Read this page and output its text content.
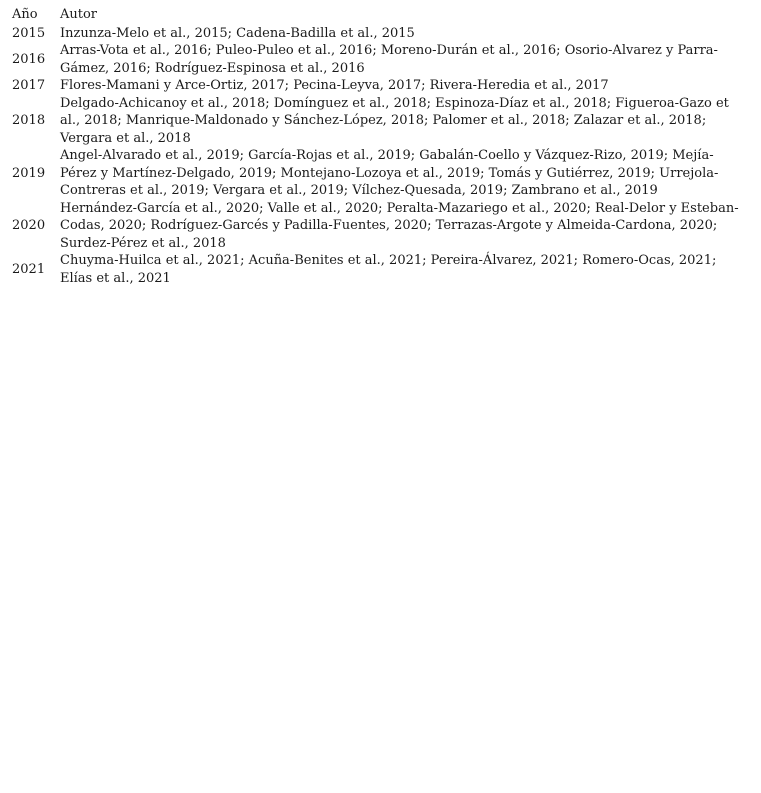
Año	Autor
2015	Inzunza-Melo et al., 2015; Cadena-Badilla et al., 2015
2016	Arras-Vota et al., 2016; Puleo-Puleo et al., 2016; Moreno-Durán et al., 2016; Osorio-Alvarez y Parra-Gámez, 2016; Rodríguez-Espinosa et al., 2016
2017	Flores-Mamani y Arce-Ortiz, 2017; Pecina-Leyva, 2017; Rivera-Heredia et al., 2017
2018	Delgado-Achicanoy et al., 2018; Domínguez et al., 2018; Espinoza-Díaz et al., 2018; Figueroa-Gazo et al., 2018; Manrique-Maldonado y Sánchez-López, 2018; Palomer et al., 2018; Zalazar et al., 2018; Vergara et al., 2018
2019	Angel-Alvarado et al., 2019; García-Rojas et al., 2019; Gabalán-Coello y Vázquez-Rizo, 2019; Mejía-Pérez y Martínez-Delgado, 2019; Montejano-Lozoya et al., 2019; Tomás y Gutiérrez, 2019; Urrejola-Contreras et al., 2019; Vergara et al., 2019; Vílchez-Quesada, 2019; Zambrano et al., 2019
2020	Hernández-García et al., 2020; Valle et al., 2020; Peralta-Mazariego et al., 2020; Real-Delor y Esteban-Codas, 2020; Rodríguez-Garcés y Padilla-Fuentes, 2020; Terrazas-Argote y Almeida-Cardona, 2020; Surdez-Pérez et al., 2018
2021	Chuyma-Huilca et al., 2021; Acuña-Benites et al., 2021; Pereira-Álvarez, 2021; Romero-Ocas, 2021; Elías et al., 2021
